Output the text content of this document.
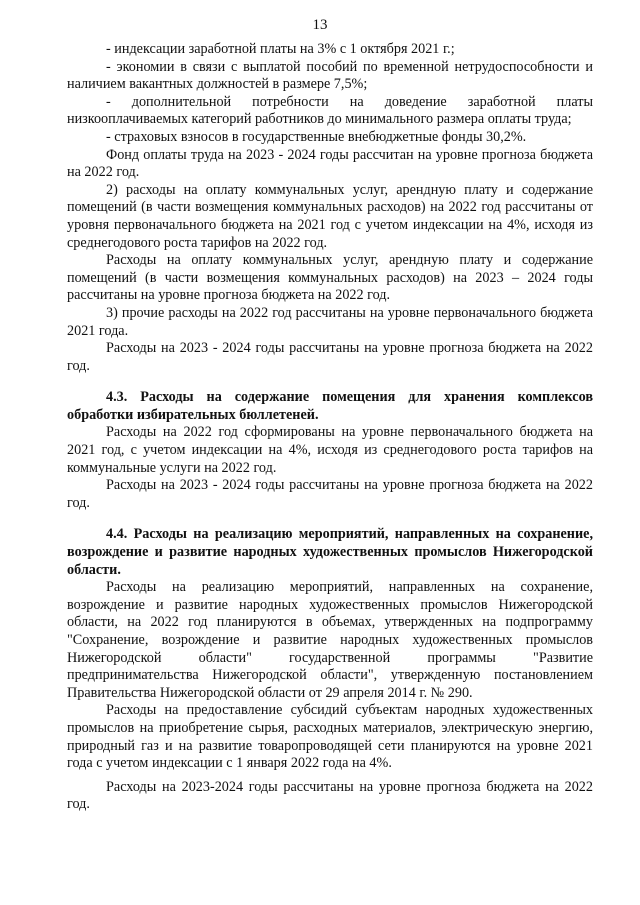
13

- индексации заработной платы на 3% с 1 октября 2021 г.;

- экономии в связи с выплатой пособий по временной нетрудоспособности и наличием вакантных должностей в размере 7,5%;

- дополнительной потребности на доведение заработной платы низкооплачиваемых категорий работников до минимального размера оплаты труда;

- страховых взносов в государственные внебюджетные фонды 30,2%.

Фонд оплаты труда на 2023 - 2024 годы рассчитан на уровне прогноза бюджета на 2022 год.

2) расходы на оплату коммунальных услуг, арендную плату и содержание помещений (в части возмещения коммунальных расходов) на 2022 год рассчитаны от уровня первоначального бюджета на 2021 год с учетом индексации на 4%, исходя из среднегодового роста тарифов на 2022 год.

Расходы на оплату коммунальных услуг, арендную плату и содержание помещений (в части возмещения коммунальных расходов) на 2023 – 2024 годы рассчитаны на уровне прогноза бюджета на 2022 год.

3) прочие расходы на 2022 год рассчитаны на уровне первоначального бюджета 2021 года.

Расходы на 2023 - 2024 годы рассчитаны на уровне прогноза бюджета на 2022 год.

4.3. Расходы на содержание помещения для хранения комплексов обработки избирательных бюллетеней.

Расходы на 2022 год сформированы на уровне первоначального бюджета на 2021 год, с учетом индексации на 4%, исходя из среднегодового роста тарифов на коммунальные услуги на 2022 год.

Расходы на 2023 - 2024 годы рассчитаны на уровне прогноза бюджета на 2022 год.

4.4. Расходы на реализацию мероприятий, направленных на сохранение, возрождение и развитие народных художественных промыслов Нижегородской области.

Расходы на реализацию мероприятий, направленных на сохранение, возрождение и развитие народных художественных промыслов Нижегородской области, на 2022 год планируются в объемах, утвержденных на подпрограмму "Сохранение, возрождение и развитие народных художественных промыслов Нижегородской области" государственной программы "Развитие предпринимательства Нижегородской области", утвержденную постановлением Правительства Нижегородской области от 29 апреля 2014 г. № 290.

Расходы на предоставление субсидий субъектам народных художественных промыслов на приобретение сырья, расходных материалов, электрическую энергию, природный газ и на развитие товаропроводящей сети планируются на уровне 2021 года с учетом индексации с 1 января 2022 года на 4%.

Расходы на 2023-2024 годы рассчитаны на уровне прогноза бюджета на 2022 год.
